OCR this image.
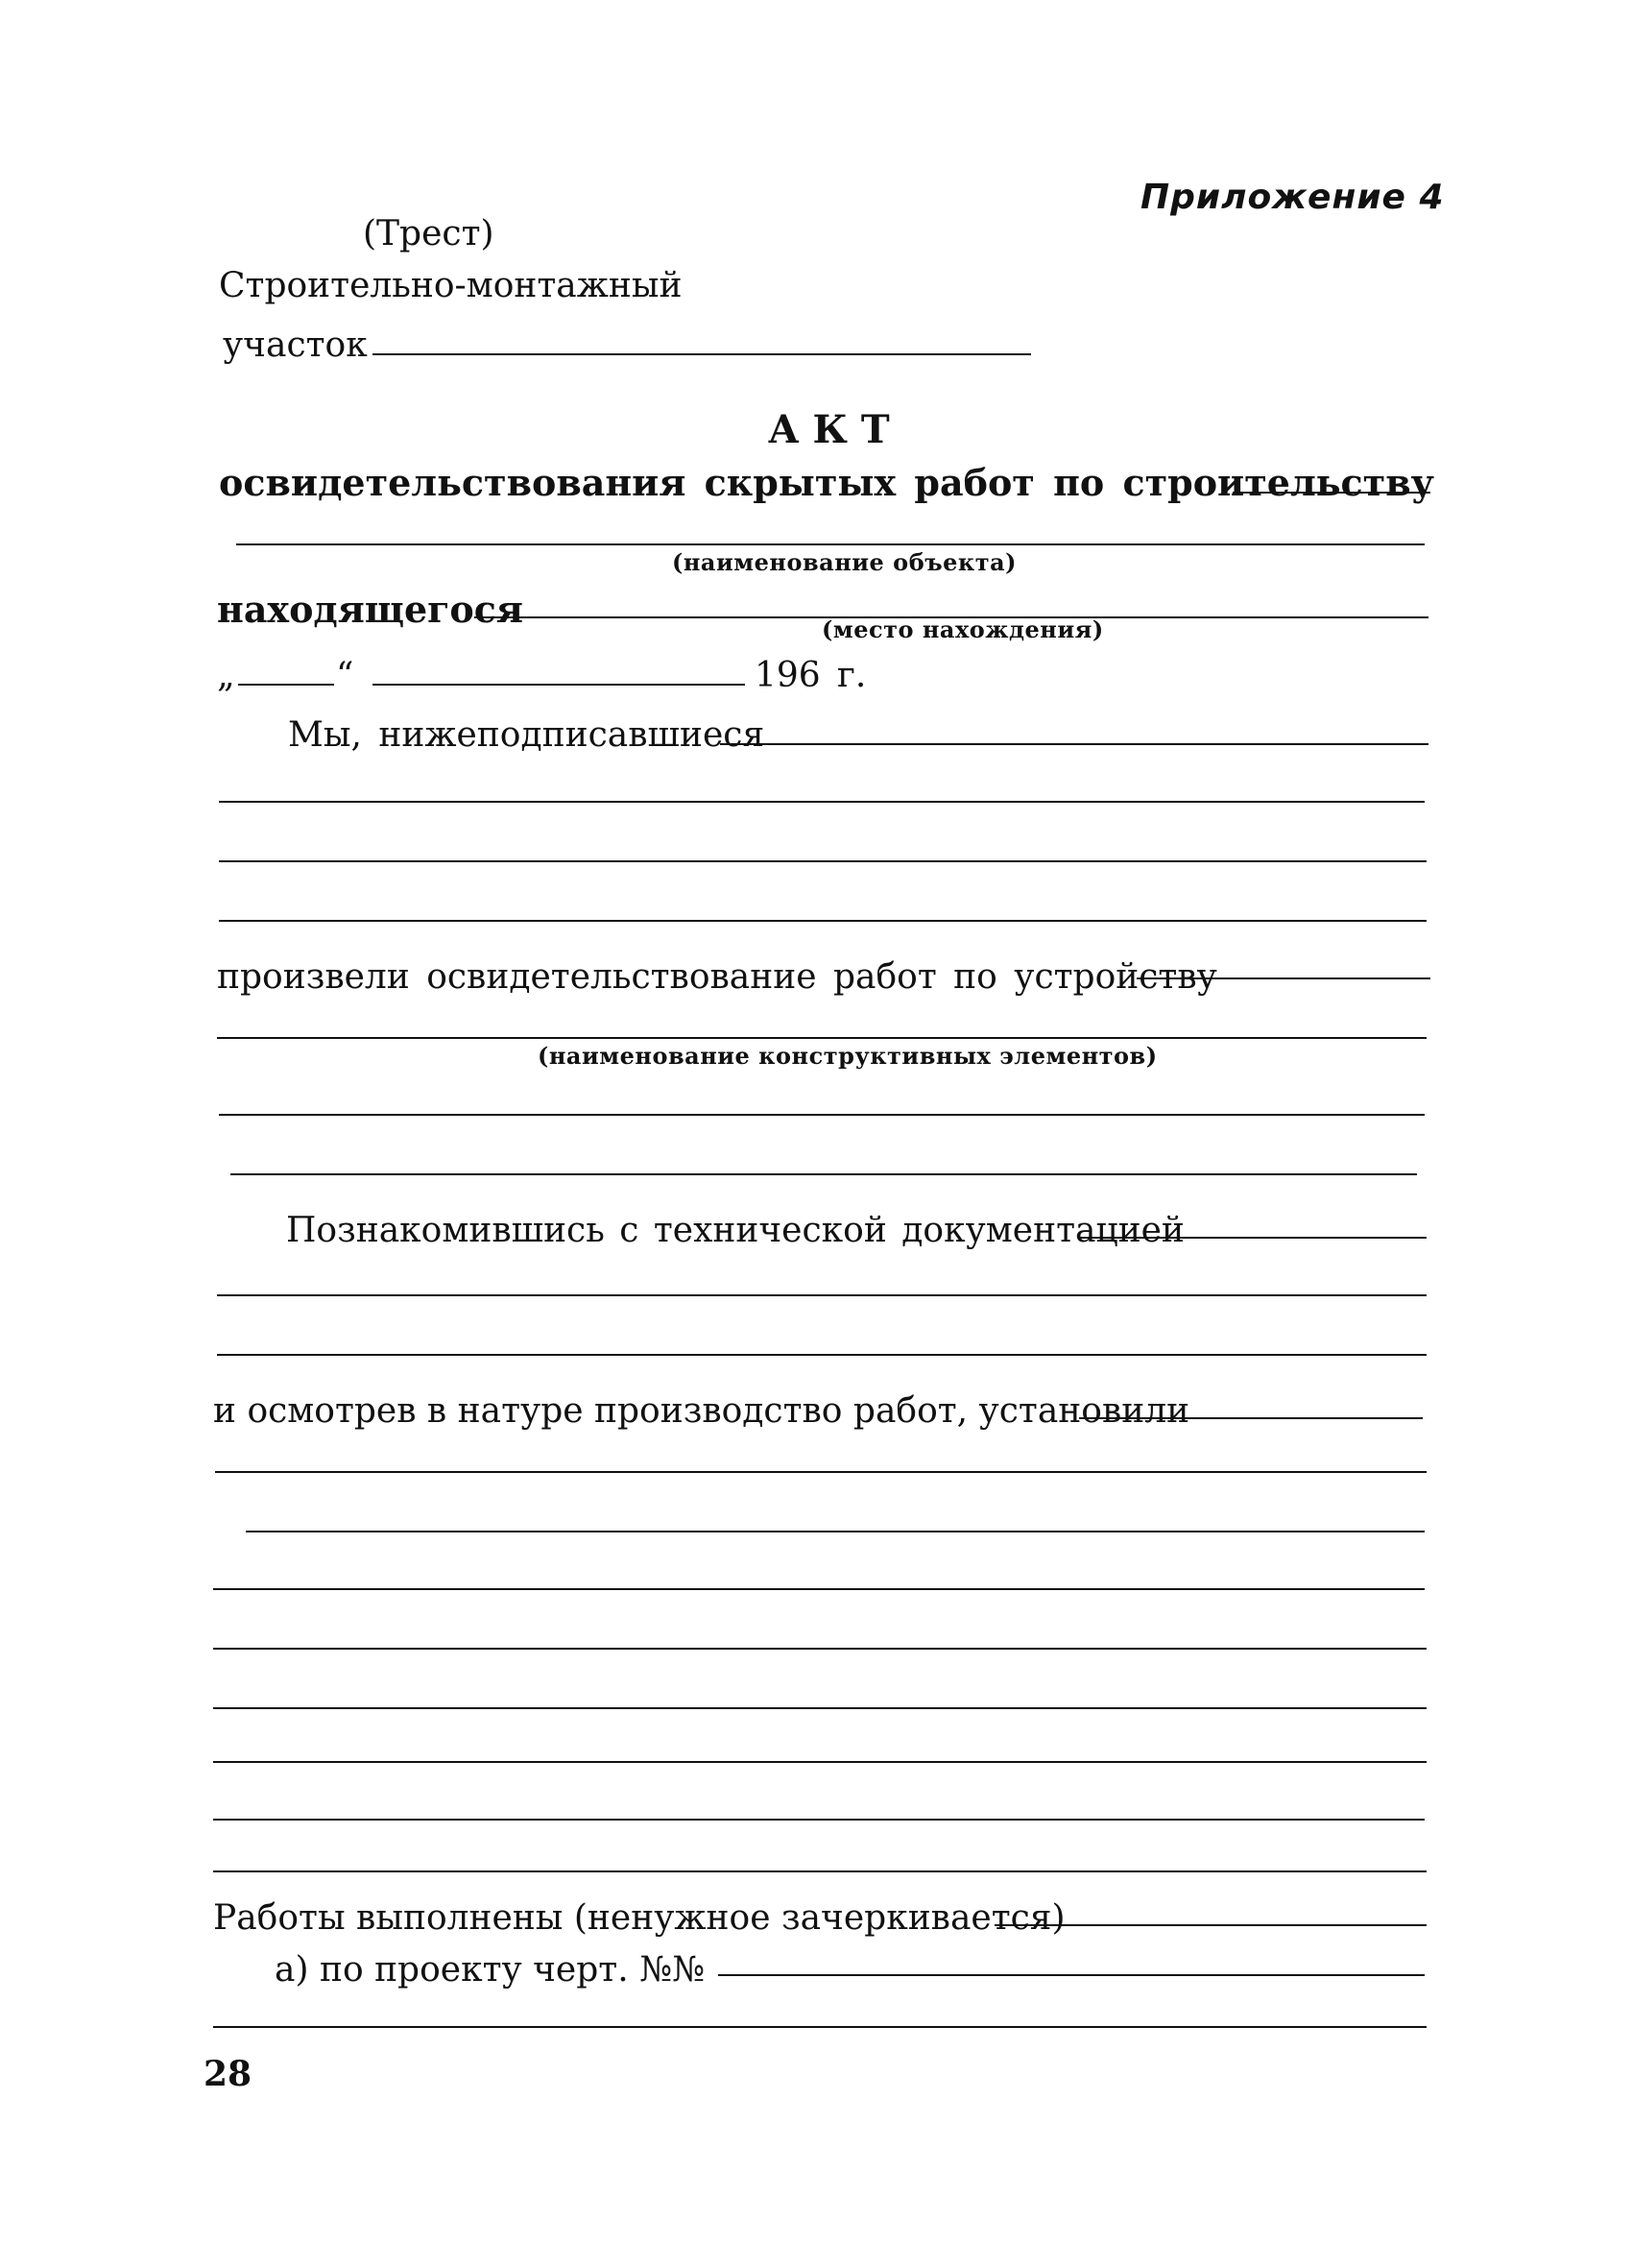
Приложение 4
(Трест)
Строительно-монтажный
участок
А К Т
освидетельствования скрытых работ по строительству
(наименование объекта)
находящегося	(место нахождения)
„	“	196 г.
Мы, нижеподписавшиеся
произвели освидетельствование работ по устройству
(наименование конструктивных элементов)
Познакомившись с технической документацией
и осмотрев в натуре производство работ, установили
Работы выполнены (ненужное зачеркивается)
а) по проекту черт. №№
28
